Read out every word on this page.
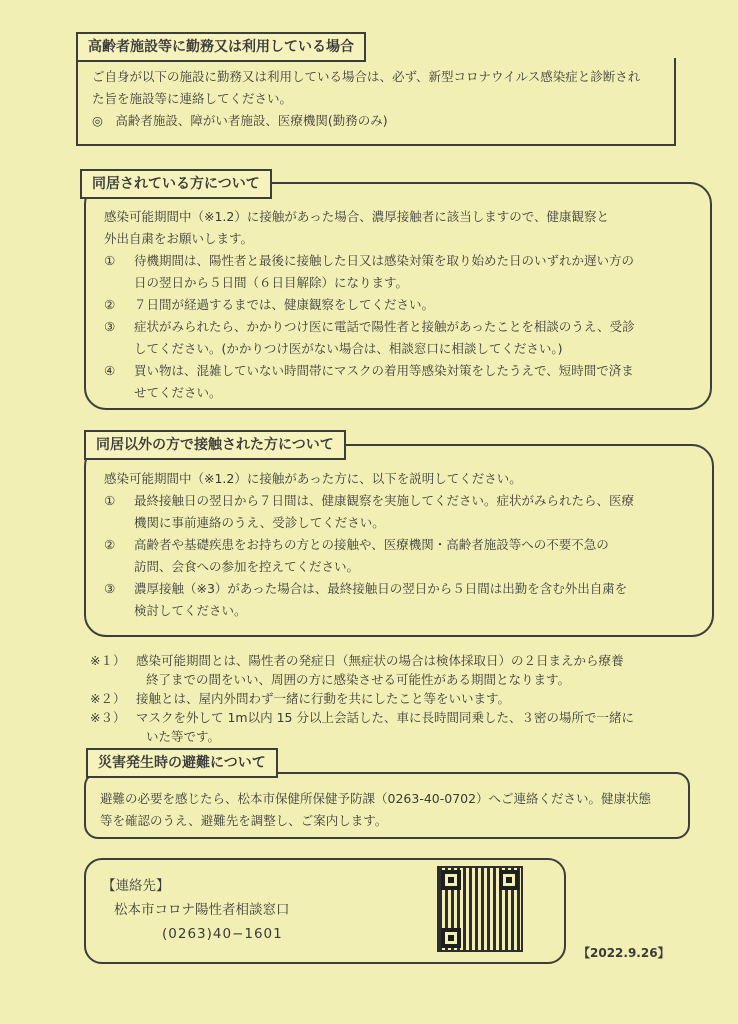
高齢者施設等に勤務又は利用している場合

ご自身が以下の施設に勤務又は利用している場合は、必ず、新型コロナウイルス感染症と診断され

た旨を施設等に連絡してください。

◎　高齢者施設、障がい者施設、医療機関(勤務のみ)

同居されている方について

感染可能期間中（※1.2）に接触があった場合、濃厚接触者に該当しますので、健康観察と

外出自粛をお願いします。

①	待機期間は、陽性者と最後に接触した日又は感染対策を取り始めた日のいずれか遅い方の

日の翌日から５日間（６日目解除）になります。

②	７日間が経過するまでは、健康観察をしてください。

③	症状がみられたら、かかりつけ医に電話で陽性者と接触があったことを相談のうえ、受診

してください。(かかりつけ医がない場合は、相談窓口に相談してください。)

④	買い物は、混雑していない時間帯にマスクの着用等感染対策をしたうえで、短時間で済ま

せてください。

同居以外の方で接触された方について

感染可能期間中（※1.2）に接触があった方に、以下を説明してください。

①	最終接触日の翌日から７日間は、健康観察を実施してください。症状がみられたら、医療

機関に事前連絡のうえ、受診してください。

②	高齢者や基礎疾患をお持ちの方との接触や、医療機関・高齢者施設等への不要不急の

訪問、会食への参加を控えてください。

③	濃厚接触（※3）があった場合は、最終接触日の翌日から５日間は出勤を含む外出自粛を

検討してください。

※１） 感染可能期間とは、陽性者の発症日（無症状の場合は検体採取日）の２日まえから療養
終了までの間をいい、周囲の方に感染させる可能性がある期間となります。
※２） 接触とは、屋内外問わず一緒に行動を共にしたこと等をいいます。
※３） マスクを外して 1m以内 15 分以上会話した、車に長時間同乗した、３密の場所で一緒に
いた等です。
災害発生時の避難について

避難の必要を感じたら、松本市保健所保健予防課（0263-40-0702）へご連絡ください。健康状態

等を確認のうえ、避難先を調整し、ご案内します。

【連絡先】

松本市コロナ陽性者相談窓口

(0263)40−1601

【2022.9.26】
